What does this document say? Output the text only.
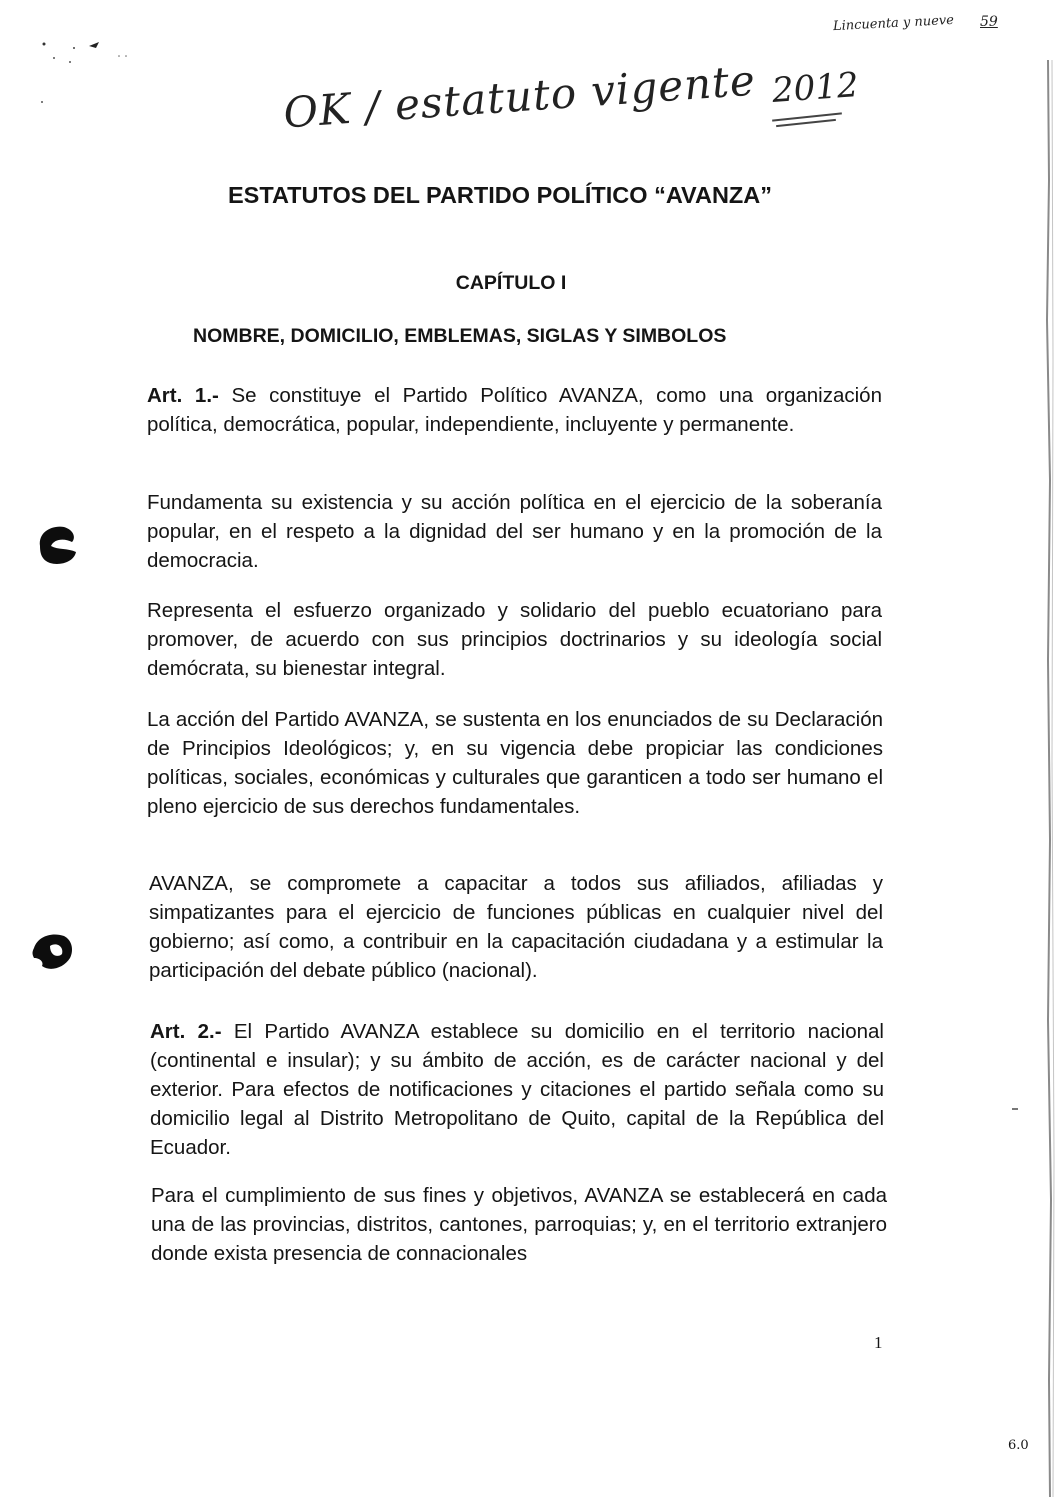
Lincuenta y nueve 59
OK / estatuto vigente 2012
ESTATUTOS DEL PARTIDO POLÍTICO “AVANZA”
CAPÍTULO I
NOMBRE, DOMICILIO, EMBLEMAS, SIGLAS Y SIMBOLOS

Art. 1.- Se constituye el Partido Político AVANZA, como una organización política, democrática, popular, independiente, incluyente y permanente.

Fundamenta su existencia y su acción política en el ejercicio de la soberanía popular, en el respeto a la dignidad del ser humano y en la promoción de la democracia.

Representa el esfuerzo organizado y solidario del pueblo ecuatoriano para promover, de acuerdo con sus principios doctrinarios y su ideología social demócrata, su bienestar integral.

La acción del Partido AVANZA, se sustenta en los enunciados de su Declaración de Principios Ideológicos; y, en su vigencia debe propiciar las condiciones políticas, sociales, económicas y culturales que garanticen a todo ser humano el pleno ejercicio de sus derechos fundamentales.

AVANZA, se compromete a capacitar a todos sus afiliados, afiliadas y simpatizantes para el ejercicio de funciones públicas en cualquier nivel del gobierno; así como, a contribuir en la capacitación ciudadana y a estimular la participación del debate público (nacional).

Art. 2.- El Partido AVANZA establece su domicilio en el territorio nacional (continental e insular); y su ámbito de acción, es de carácter nacional y del exterior. Para efectos de notificaciones y citaciones el partido señala como su domicilio legal al Distrito Metropolitano de Quito, capital de la República del Ecuador.

Para el cumplimiento de sus fines y objetivos, AVANZA se establecerá en cada una de las provincias, distritos, cantones, parroquias; y, en el territorio extranjero donde exista presencia de connacionales

1
6.0
